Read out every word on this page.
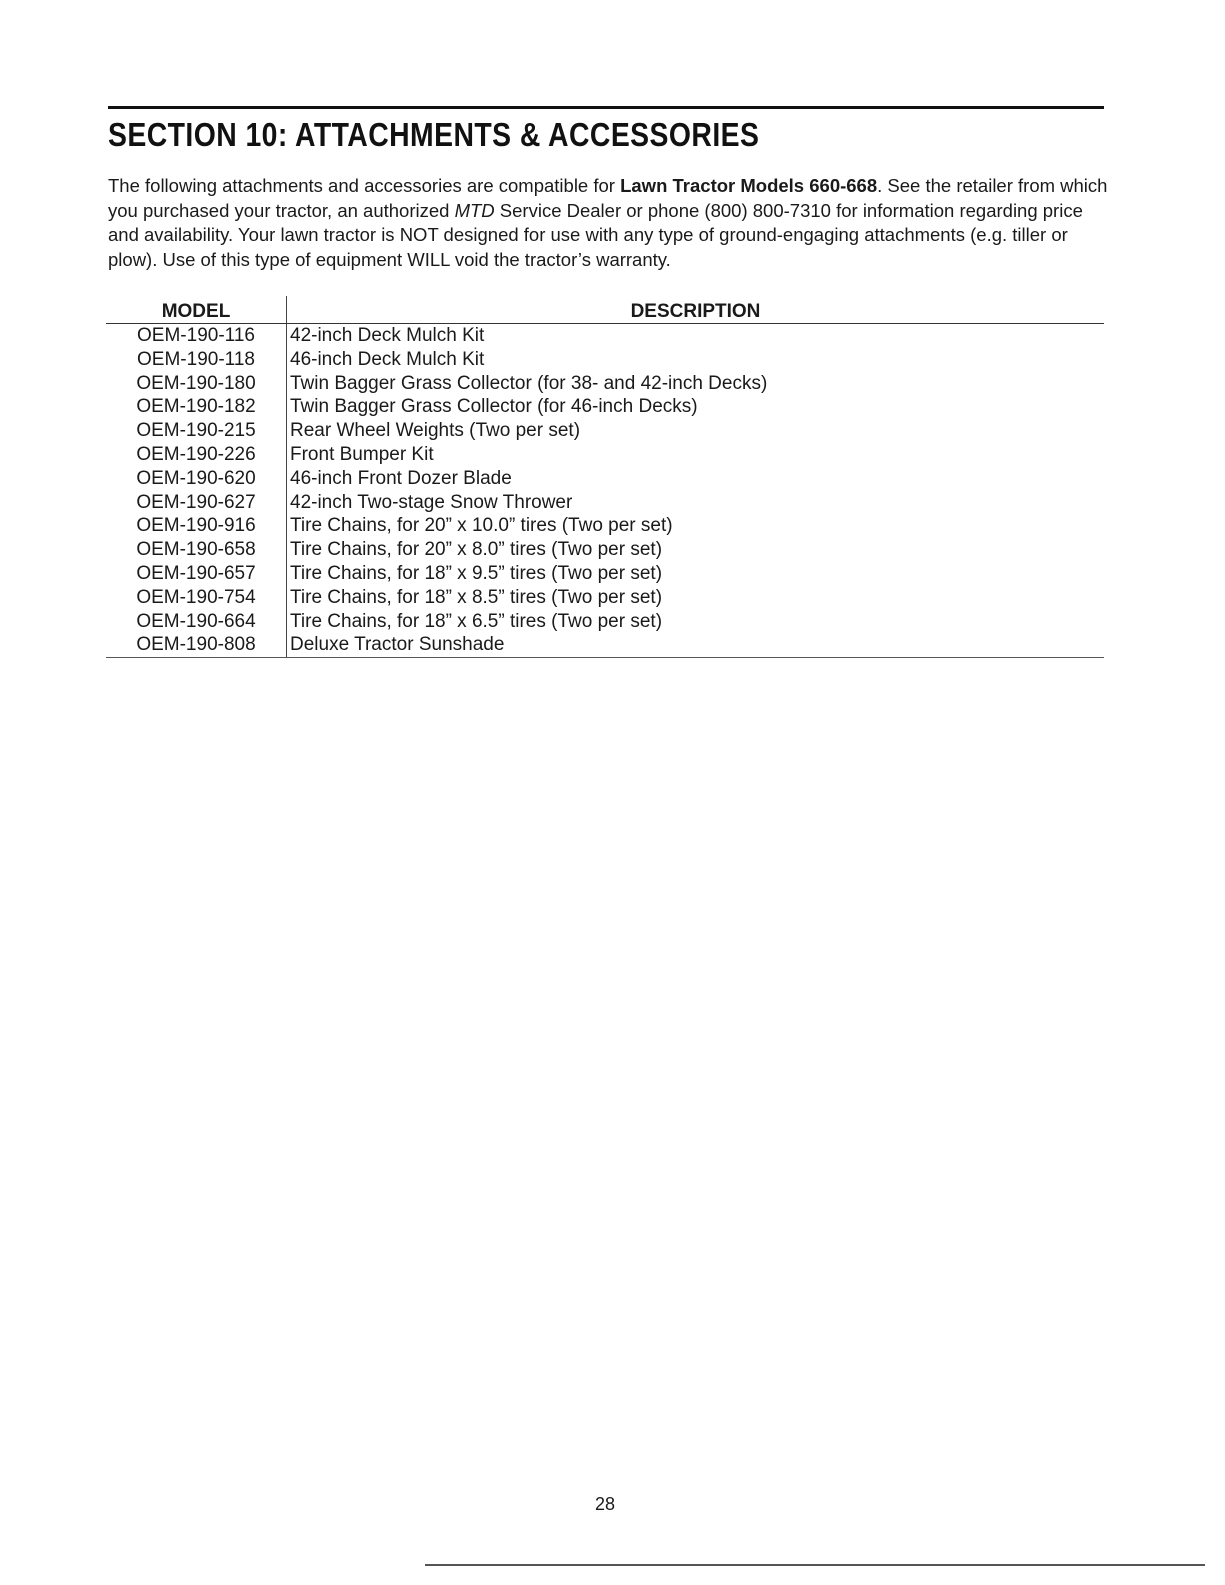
SECTION 10: ATTACHMENTS & ACCESSORIES

The following attachments and accessories are compatible for Lawn Tractor Models 660-668. See the retailer from which you purchased your tractor, an authorized MTD Service Dealer or phone (800) 800-7310 for information regarding price and availability. Your lawn tractor is NOT designed for use with any type of ground-engaging attachments (e.g. tiller or plow). Use of this type of equipment WILL void the tractor’s warranty.

MODEL	DESCRIPTION
OEM-190-116	42-inch Deck Mulch Kit
OEM-190-118	46-inch Deck Mulch Kit
OEM-190-180	Twin Bagger Grass Collector (for 38- and 42-inch Decks)
OEM-190-182	Twin Bagger Grass Collector (for 46-inch Decks)
OEM-190-215	Rear Wheel Weights (Two per set)
OEM-190-226	Front Bumper Kit
OEM-190-620	46-inch Front Dozer Blade
OEM-190-627	42-inch Two-stage Snow Thrower
OEM-190-916	Tire Chains, for 20” x 10.0” tires (Two per set)
OEM-190-658	Tire Chains, for 20” x 8.0” tires (Two per set)
OEM-190-657	Tire Chains, for 18” x 9.5” tires (Two per set)
OEM-190-754	Tire Chains, for 18” x 8.5” tires (Two per set)
OEM-190-664	Tire Chains, for 18” x 6.5” tires (Two per set)
OEM-190-808	Deluxe Tractor Sunshade
28
